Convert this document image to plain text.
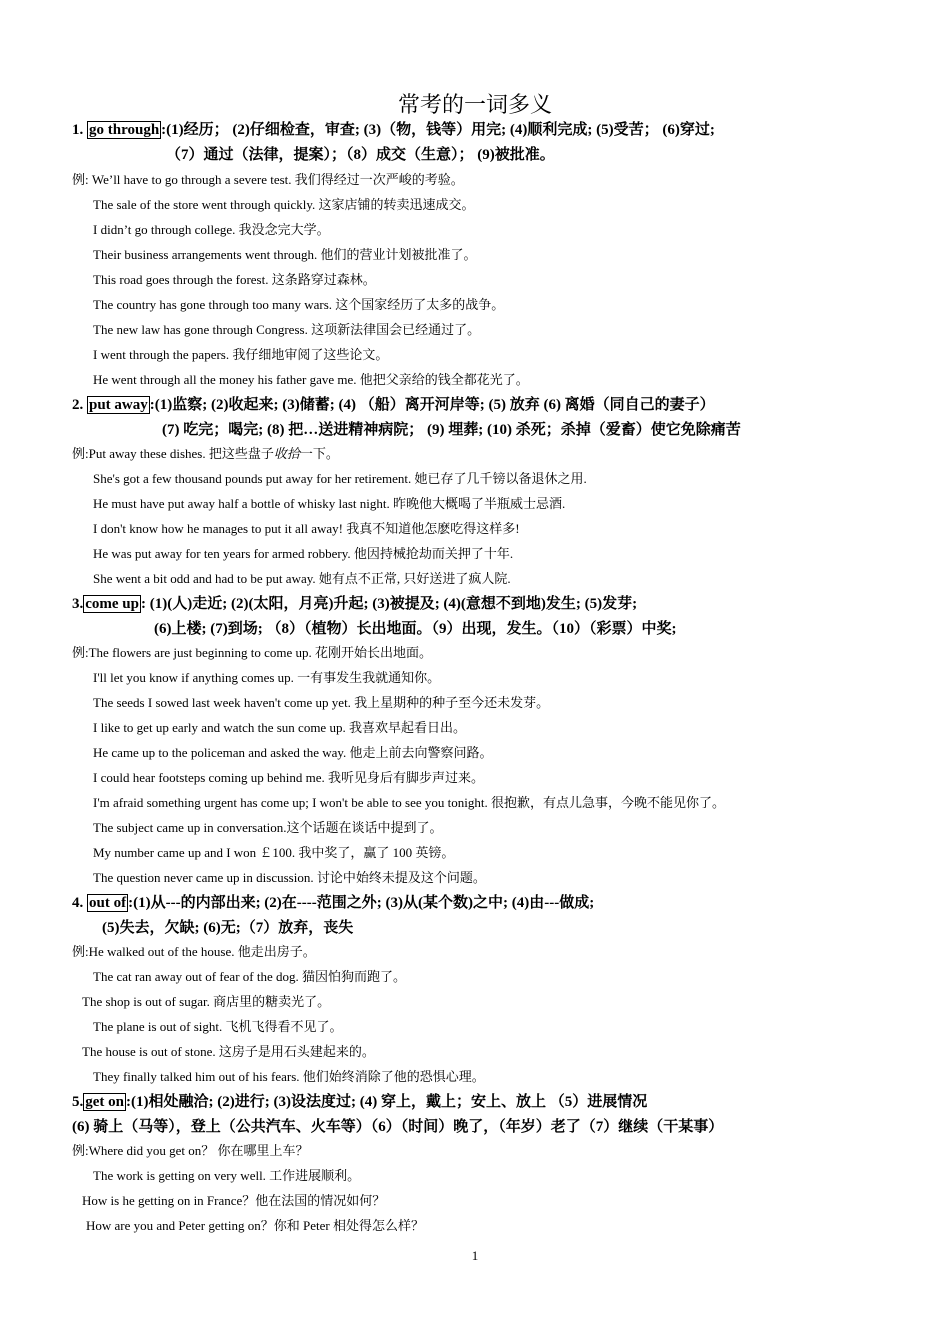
常考的一词多义
1. go through :(1)经历； (2)仔细检查，审查; (3)（物，钱等）用完; (4)顺利完成; (5)受苦； (6)穿过;
（7）通过（法律，提案）；（8）成交（生意）； (9)被批准。
例: We’ll have to go through a severe test. 我们得经过一次严峻的考验。
The sale of the store went through quickly. 这家店铺的转卖迅速成交。
I didn’t go through college. 我没念完大学。
Their business arrangements went through. 他们的营业计划被批准了。
This road goes through the forest. 这条路穿过森林。
The country has gone through too many wars. 这个国家经历了太多的战争。
The new law has gone through Congress. 这项新法律国会已经通过了。
I went through the papers. 我仔细地审阅了这些论文。
He went through all the money his father gave me. 他把父亲给的钱全都花光了。
2. put away :(1)监察; (2)收起来; (3)储蓄; (4) （船）离开河岸等; (5) 放弃 (6) 离婚（同自己的妻子）
(7) 吃完；喝完; (8) 把…送进精神病院； (9) 埋葬; (10) 杀死；杀掉（爱畜）使它免除痛苦
例:Put away these dishes. 把这些盘子收拾一下。
She's got a few thousand pounds put away for her retirement. 她已存了几千镑以备退休之用.
He must have put away half a bottle of whisky last night. 昨晚他大概喝了半瓶威士忌酒.
I don't know how he manages to put it all away! 我真不知道他怎麽吃得这样多!
He was put away for ten years for armed robbery. 他因持械抢劫而关押了十年.
She went a bit odd and had to be put away. 她有点不正常, 只好送进了疯人院.
3. come up : (1)(人)走近; (2)(太阳，月亮)升起; (3)被提及; (4)(意想不到地)发生; (5)发芽;
(6)上楼; (7)到场; （8）（植物）长出地面。（9）出现，发生。（10）（彩票）中奖;
例:The flowers are just beginning to come up. 花刚开始长出地面。
I'll let you know if anything comes up. 一有事发生我就通知你。
The seeds I sowed last week haven't come up yet. 我上星期种的种子至今还未发芽。
I like to get up early and watch the sun come up. 我喜欢早起看日出。
He came up to the policeman and asked the way. 他走上前去向警察问路。
I could hear footsteps coming up behind me. 我听见身后有脚步声过来。
I'm afraid something urgent has come up; I won't be able to see you tonight. 很抱歉，有点儿急事，今晚不能见你了。
The subject came up in conversation.这个话题在谈话中提到了。
My number came up and I won ￡100. 我中奖了，赢了 100 英镑。
The question never came up in discussion. 讨论中始终未提及这个问题。
4. out of :(1)从---的内部出来; (2)在----范围之外; (3)从(某个数)之中; (4)由---做成;
(5)失去，欠缺; (6)无;（7）放弃，丧失
例:He walked out of the house. 他走出房子。
The cat ran away out of fear of the dog. 猫因怕狗而跑了。
The shop is out of sugar. 商店里的糖卖光了。
The plane is out of sight. 飞机飞得看不见了。
The house is out of stone. 这房子是用石头建起来的。
They finally talked him out of his fears. 他们始终消除了他的恐惧心理。
5. get on :(1)相处融洽; (2)进行; (3)设法度过; (4) 穿上，戴上；安上、放上 （5）进展情况
(6) 骑上（马等），登上（公共汽车、火车等）（6）（时间）晚了，（年岁）老了（7）继续（干某事）
例:Where did you get on？ 你在哪里上车？
The work is getting on very well. 工作进展顺利。
How is he getting on in France？他在法国的情况如何？
How are you and Peter getting on？你和 Peter 相处得怎么样？
1
